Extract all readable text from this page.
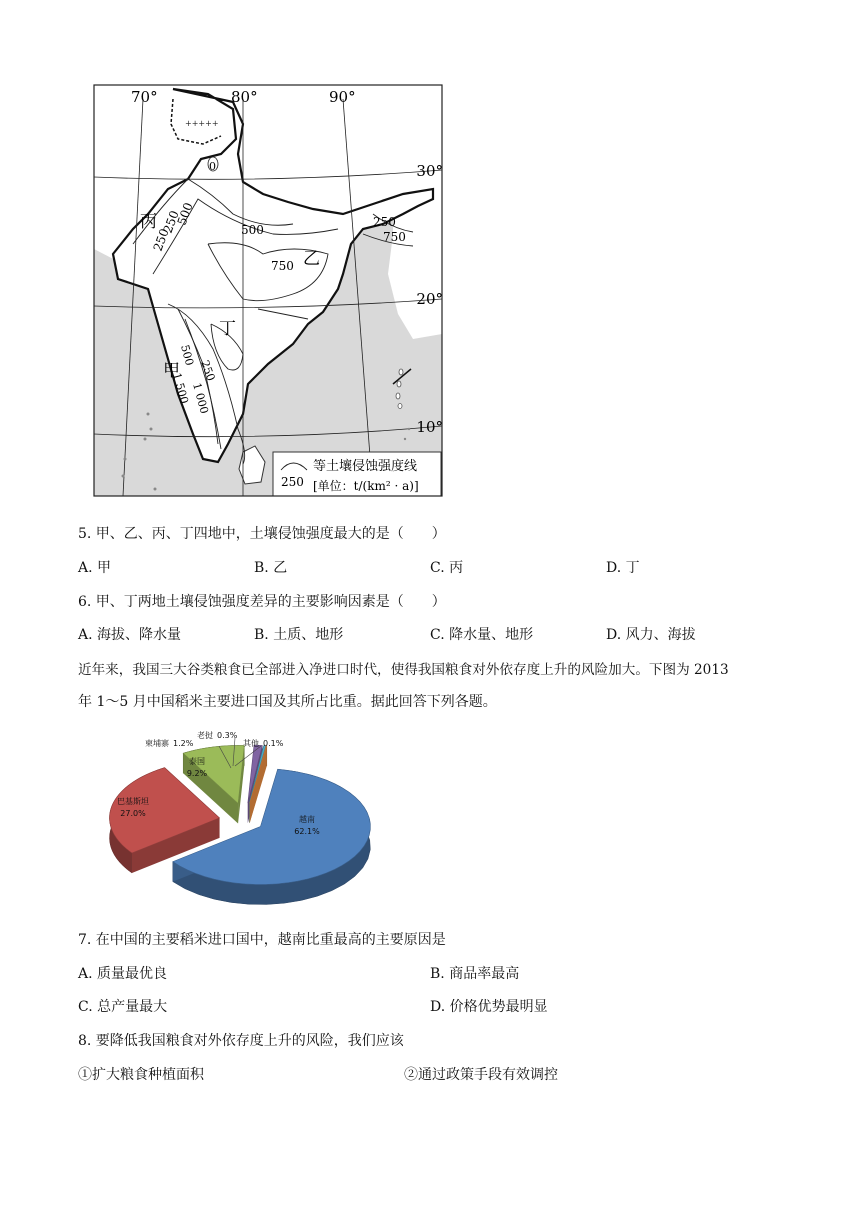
+++++
70°	80°	90°
30°
20°
10°
丙
乙
丁
甲
250
500
250	500
750
250
750
250
500
1 000
1 500
0
250
等土壤侵蚀强度线
[单位：t/(km² · a)]
5. 甲、乙、丙、丁四地中，土壤侵蚀强度最大的是（　　）
A. 甲	B. 乙	C. 丙	D. 丁
6. 甲、丁两地土壤侵蚀强度差异的主要影响因素是（　　）
A. 海拔、降水量	B. 土质、地形	C. 降水量、地形	D. 风力、海拔
近年来，我国三大谷类粮食已全部进入净进口时代，使得我国粮食对外依存度上升的风险加大。下图为 2013
年 1～5 月中国稻米主要进口国及其所占比重。据此回答下列各题。
越南
62.1%
巴基斯坦
27.0%
泰国
9.2%
柬埔寨 1.2%
老挝 0.3%
其他 0.1%
7. 在中国的主要稻米进口国中，越南比重最高的主要原因是
A. 质量最优良	B. 商品率最高
C. 总产量最大	D. 价格优势最明显
8. 要降低我国粮食对外依存度上升的风险，我们应该
①扩大粮食种植面积	②通过政策手段有效调控
